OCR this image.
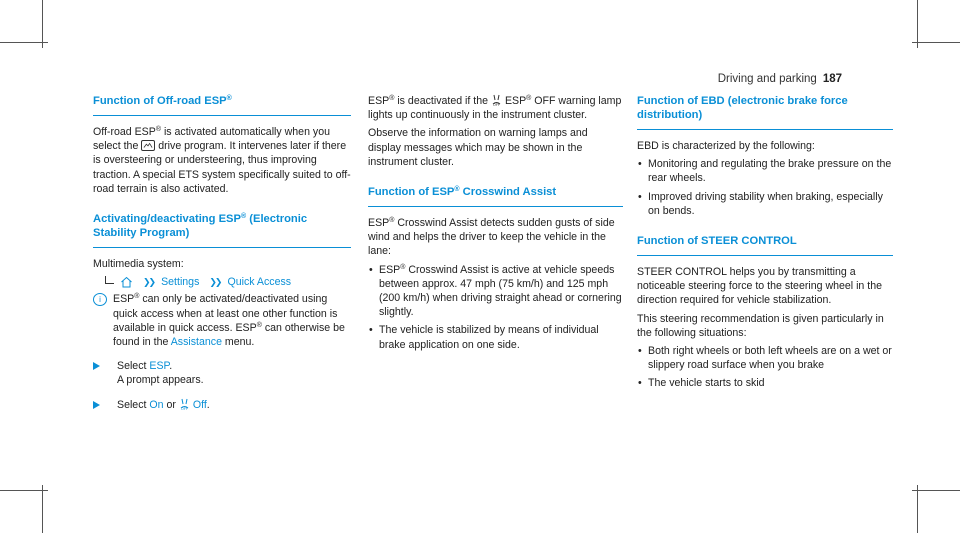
Driving and parking 187
Function of Off-road ESP®

Off-road ESP® is activated automatically when you select the drive program. It intervenes later if there is oversteering or understeering, thus improving traction. A special ETS system specifically suited to off-road terrain is also activated.

Activating/deactivating ESP® (Electronic Stability Program)

Multimedia system:

❯❯ Settings ❯❯ Quick Access
i	ESP® can only be activated/deactivated using quick access when at least one other function is available in quick access. ESP® can otherwise be found in the Assistance menu.
Select ESP.
A prompt appears.
Select On or OFF Off.

ESP® is deactivated if the OFF ESP® OFF warning lamp lights up continuously in the instrument cluster.

Observe the information on warning lamps and display messages which may be shown in the instrument cluster.

Function of ESP® Crosswind Assist

ESP® Crosswind Assist detects sudden gusts of side wind and helps the driver to keep the vehicle in the lane:

• ESP® Crosswind Assist is active at vehicle speeds between approx. 47 mph (75 km/h) and 125 mph (200 km/h) when driving straight ahead or cornering slightly.
• The vehicle is stabilized by means of individual brake application on one side.
Function of EBD (electronic brake force distribution)

EBD is characterized by the following:

• Monitoring and regulating the brake pressure on the rear wheels.
• Improved driving stability when braking, especially on bends.
Function of STEER CONTROL

STEER CONTROL helps you by transmitting a noticeable steering force to the steering wheel in the direction required for vehicle stabilization.

This steering recommendation is given particularly in the following situations:

• Both right wheels or both left wheels are on a wet or slippery road surface when you brake
• The vehicle starts to skid
